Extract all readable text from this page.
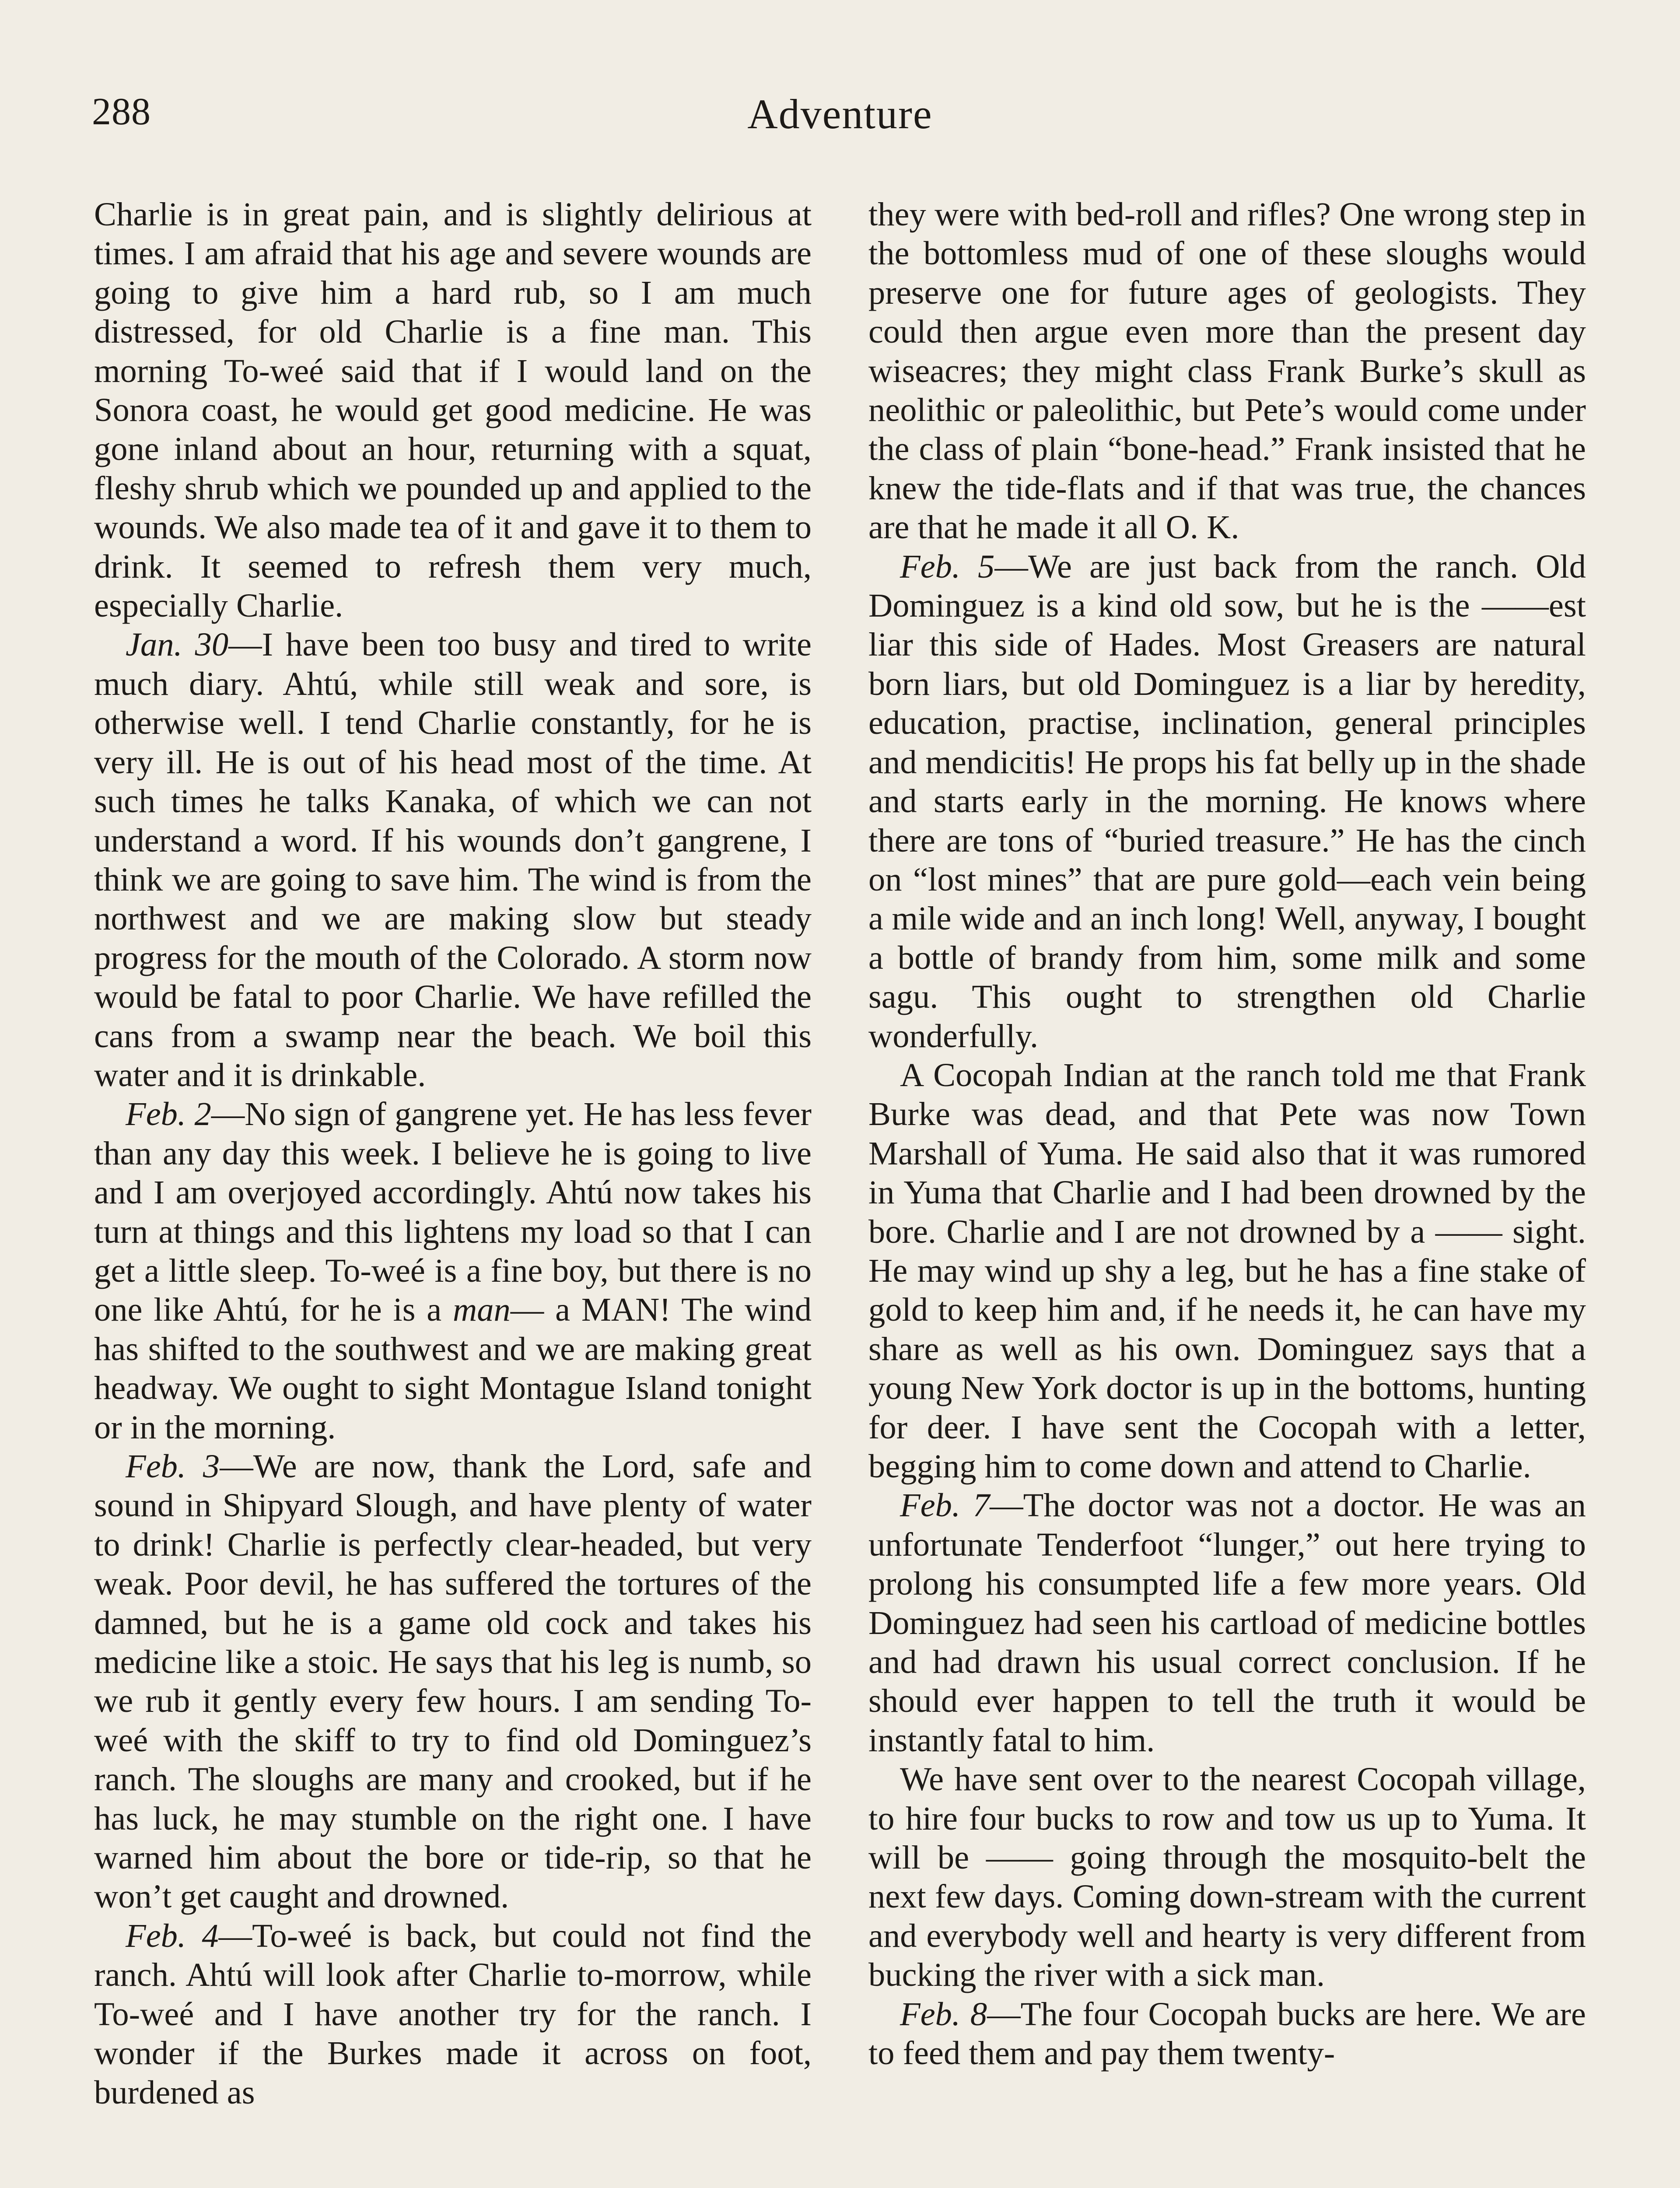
288	Adventure

Charlie is in great pain, and is slightly delirious at times. I am afraid that his age and severe wounds are going to give him a hard rub, so I am much distressed, for old Charlie is a fine man. This morning To-weé said that if I would land on the Sonora coast, he would get good medicine. He was gone inland about an hour, returning with a squat, fleshy shrub which we pounded up and applied to the wounds. We also made tea of it and gave it to them to drink. It seemed to refresh them very much, especially Charlie.

Jan. 30—I have been too busy and tired to write much diary. Ahtú, while still weak and sore, is otherwise well. I tend Charlie constantly, for he is very ill. He is out of his head most of the time. At such times he talks Kanaka, of which we can not understand a word. If his wounds don’t gangrene, I think we are going to save him. The wind is from the northwest and we are making slow but steady progress for the mouth of the Colorado. A storm now would be fatal to poor Charlie. We have refilled the cans from a swamp near the beach. We boil this water and it is drinkable.

Feb. 2—No sign of gangrene yet. He has less fever than any day this week. I believe he is going to live and I am overjoyed accordingly. Ahtú now takes his turn at things and this lightens my load so that I can get a little sleep. To-weé is a fine boy, but there is no one like Ahtú, for he is a man— a MAN! The wind has shifted to the southwest and we are making great headway. We ought to sight Montague Island tonight or in the morning.

Feb. 3—We are now, thank the Lord, safe and sound in Shipyard Slough, and have plenty of water to drink! Charlie is perfectly clear-headed, but very weak. Poor devil, he has suffered the tortures of the damned, but he is a game old cock and takes his medicine like a stoic. He says that his leg is numb, so we rub it gently every few hours. I am sending To-weé with the skiff to try to find old Dominguez’s ranch. The sloughs are many and crooked, but if he has luck, he may stumble on the right one. I have warned him about the bore or tide-rip, so that he won’t get caught and drowned.

Feb. 4—To-weé is back, but could not find the ranch. Ahtú will look after Charlie to-morrow, while To-weé and I have another try for the ranch. I wonder if the Burkes made it across on foot, burdened as

they were with bed-roll and rifles? One wrong step in the bottomless mud of one of these sloughs would preserve one for future ages of geologists. They could then argue even more than the present day wiseacres; they might class Frank Burke’s skull as neolithic or paleolithic, but Pete’s would come under the class of plain “bone-head.” Frank insisted that he knew the tide-flats and if that was true, the chances are that he made it all O. K.

Feb. 5—We are just back from the ranch. Old Dominguez is a kind old sow, but he is the ——est liar this side of Hades. Most Greasers are natural born liars, but old Dominguez is a liar by heredity, education, practise, inclination, general principles and mendicitis! He props his fat belly up in the shade and starts early in the morning. He knows where there are tons of “buried treasure.” He has the cinch on “lost mines” that are pure gold—each vein being a mile wide and an inch long! Well, anyway, I bought a bottle of brandy from him, some milk and some sagu. This ought to strengthen old Charlie wonderfully.

A Cocopah Indian at the ranch told me that Frank Burke was dead, and that Pete was now Town Marshall of Yuma. He said also that it was rumored in Yuma that Charlie and I had been drowned by the bore. Charlie and I are not drowned by a —— sight. He may wind up shy a leg, but he has a fine stake of gold to keep him and, if he needs it, he can have my share as well as his own. Dominguez says that a young New York doctor is up in the bottoms, hunting for deer. I have sent the Cocopah with a letter, begging him to come down and attend to Charlie.

Feb. 7—The doctor was not a doctor. He was an unfortunate Tenderfoot “lunger,” out here trying to prolong his consumpted life a few more years. Old Dominguez had seen his cartload of medicine bottles and had drawn his usual correct conclusion. If he should ever happen to tell the truth it would be instantly fatal to him.

We have sent over to the nearest Cocopah village, to hire four bucks to row and tow us up to Yuma. It will be —— going through the mosquito-belt the next few days. Coming down-stream with the current and everybody well and hearty is very different from bucking the river with a sick man.

Feb. 8—The four Cocopah bucks are here. We are to feed them and pay them twenty-
